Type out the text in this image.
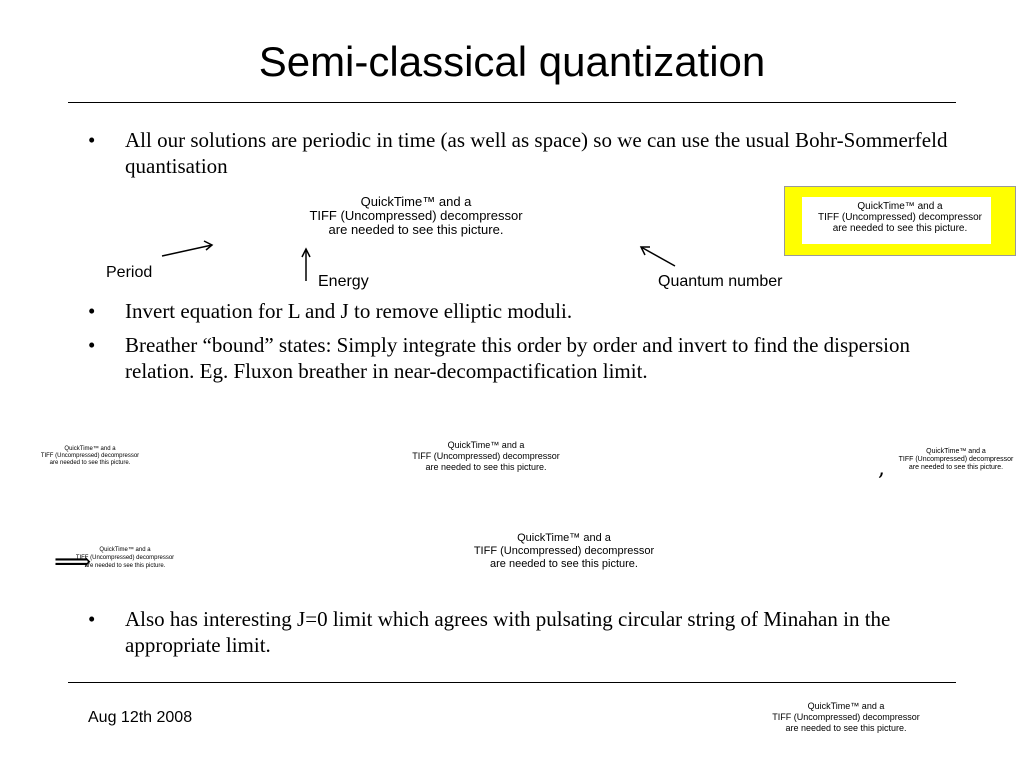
Semi-classical quantization
• All our solutions are periodic in time (as well as space) so we can use the usual Bohr-Sommerfeld quantisation
QuickTime™ and a
TIFF (Uncompressed) decompressor
are needed to see this picture.
QuickTime™ and a
TIFF (Uncompressed) decompressor
are needed to see this picture.
Period
Energy	Quantum number
• Invert equation for L and J to remove elliptic moduli.
• Breather “bound” states: Simply integrate this order by order and invert to find the dispersion relation. Eg. Fluxon breather in near-decompactification limit.
QuickTime™ and a
TIFF (Uncompressed) decompressor
are needed to see this picture.
QuickTime™ and a
TIFF (Uncompressed) decompressor
are needed to see this picture.	,
QuickTime™ and a
TIFF (Uncompressed) decompressor
are needed to see this picture.
⟹	QuickTime™ and a
TIFF (Uncompressed) decompressor
are needed to see this picture.
QuickTime™ and a
TIFF (Uncompressed) decompressor
are needed to see this picture.
• Also has interesting J=0 limit which agrees with pulsating circular string of Minahan in the appropriate limit.
Aug 12th 2008
QuickTime™ and a
TIFF (Uncompressed) decompressor
are needed to see this picture.
